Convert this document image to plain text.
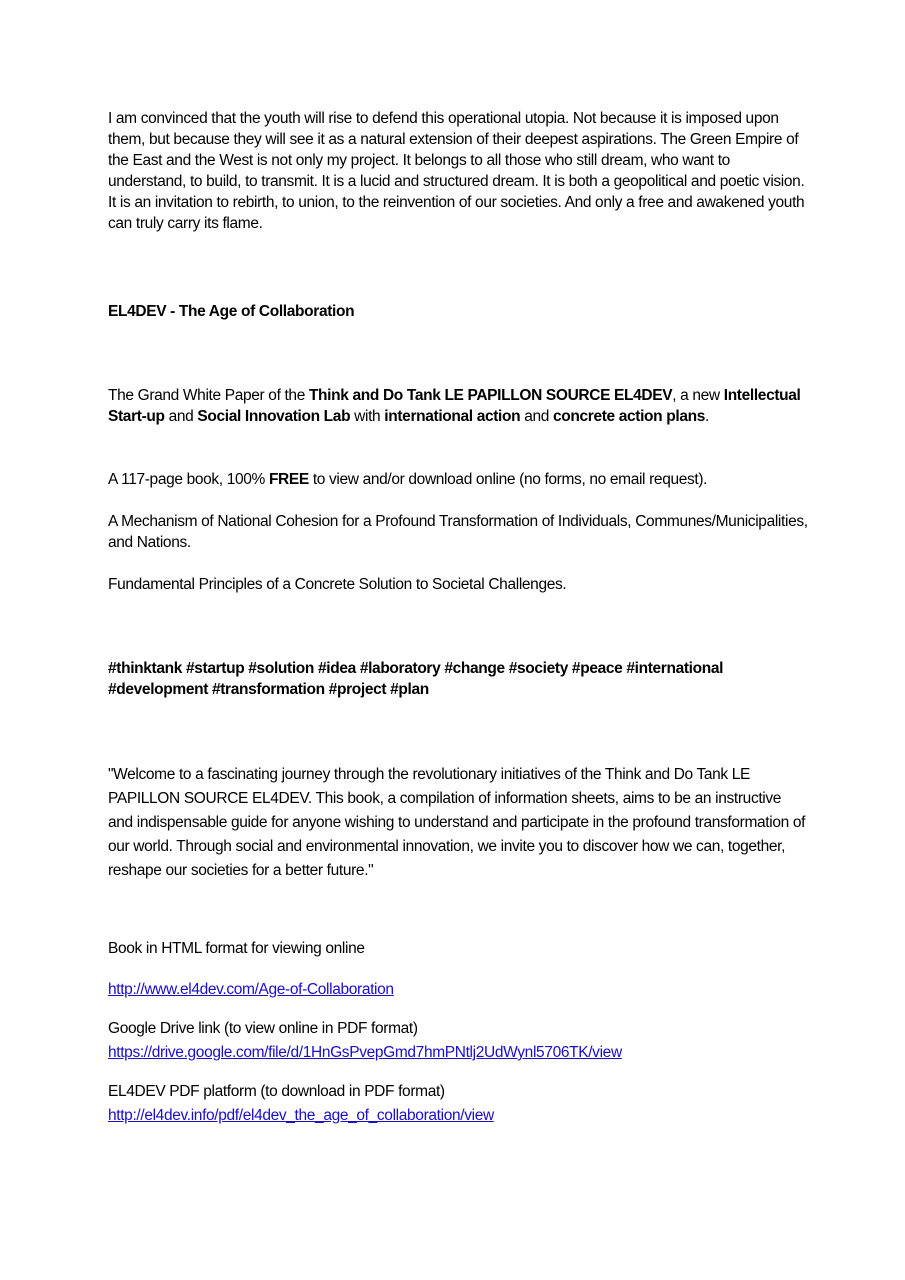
I am convinced that the youth will rise to defend this operational utopia. Not because it is imposed upon them, but because they will see it as a natural extension of their deepest aspirations. The Green Empire of the East and the West is not only my project. It belongs to all those who still dream, who want to understand, to build, to transmit. It is a lucid and structured dream. It is both a geopolitical and poetic vision. It is an invitation to rebirth, to union, to the reinvention of our societies. And only a free and awakened youth can truly carry its flame.

EL4DEV - The Age of Collaboration

The Grand White Paper of the Think and Do Tank LE PAPILLON SOURCE EL4DEV, a new Intellectual Start-up and Social Innovation Lab with international action and concrete action plans.

A 117-page book, 100% FREE to view and/or download online (no forms, no email request).

A Mechanism of National Cohesion for a Profound Transformation of Individuals, Communes/Municipalities, and Nations.

Fundamental Principles of a Concrete Solution to Societal Challenges.

#thinktank #startup #solution #idea #laboratory #change #society #peace #international #development #transformation #project #plan

"Welcome to a fascinating journey through the revolutionary initiatives of the Think and Do Tank LE PAPILLON SOURCE EL4DEV. This book, a compilation of information sheets, aims to be an instructive and indispensable guide for anyone wishing to understand and participate in the profound transformation of our world. Through social and environmental innovation, we invite you to discover how we can, together, reshape our societies for a better future."

Book in HTML format for viewing online

http://www.el4dev.com/Age-of-Collaboration

Google Drive link (to view online in PDF format)
https://drive.google.com/file/d/1HnGsPvepGmd7hmPNtlj2UdWynl5706TK/view

EL4DEV PDF platform (to download in PDF format)
http://el4dev.info/pdf/el4dev_the_age_of_collaboration/view
